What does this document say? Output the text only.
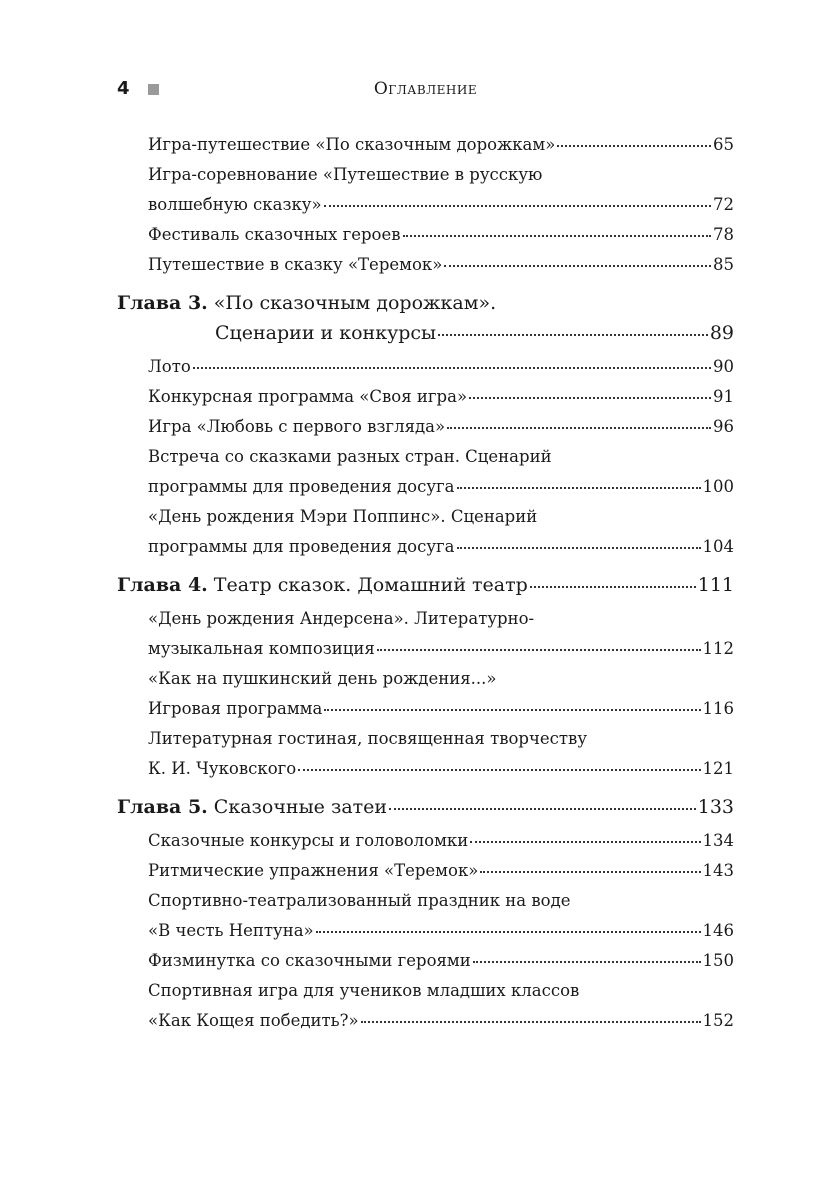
4	Оглавление
Игра-путешествие «По сказочным дорожкам»	65
Игра-соревнование «Путешествие в русскую
волшебную сказку»	72
Фестиваль сказочных героев	78
Путешествие в сказку «Теремок»	85
Глава 3. «По сказочным дорожкам».
Сценарии и конкурсы	89
Лото	90
Конкурсная программа «Своя игра»	91
Игра «Любовь с первого взгляда»	96
Встреча со сказками разных стран. Сценарий
программы для проведения досуга	100
«День рождения Мэри Поппинс». Сценарий
программы для проведения досуга	104
Глава 4. Театр сказок. Домашний театр	111
«День рождения Андерсена». Литературно-
музыкальная композиция	112
«Как на пушкинский день рождения...»
Игровая программа	116
Литературная гостиная, посвященная творчеству
К. И. Чуковского	121
Глава 5. Сказочные затеи	133
Сказочные конкурсы и головоломки	134
Ритмические упражнения «Теремок»	143
Спортивно-театрализованный праздник на воде
«В честь Нептуна»	146
Физминутка со сказочными героями	150
Спортивная игра для учеников младших классов
«Как Кощея победить?»	152
